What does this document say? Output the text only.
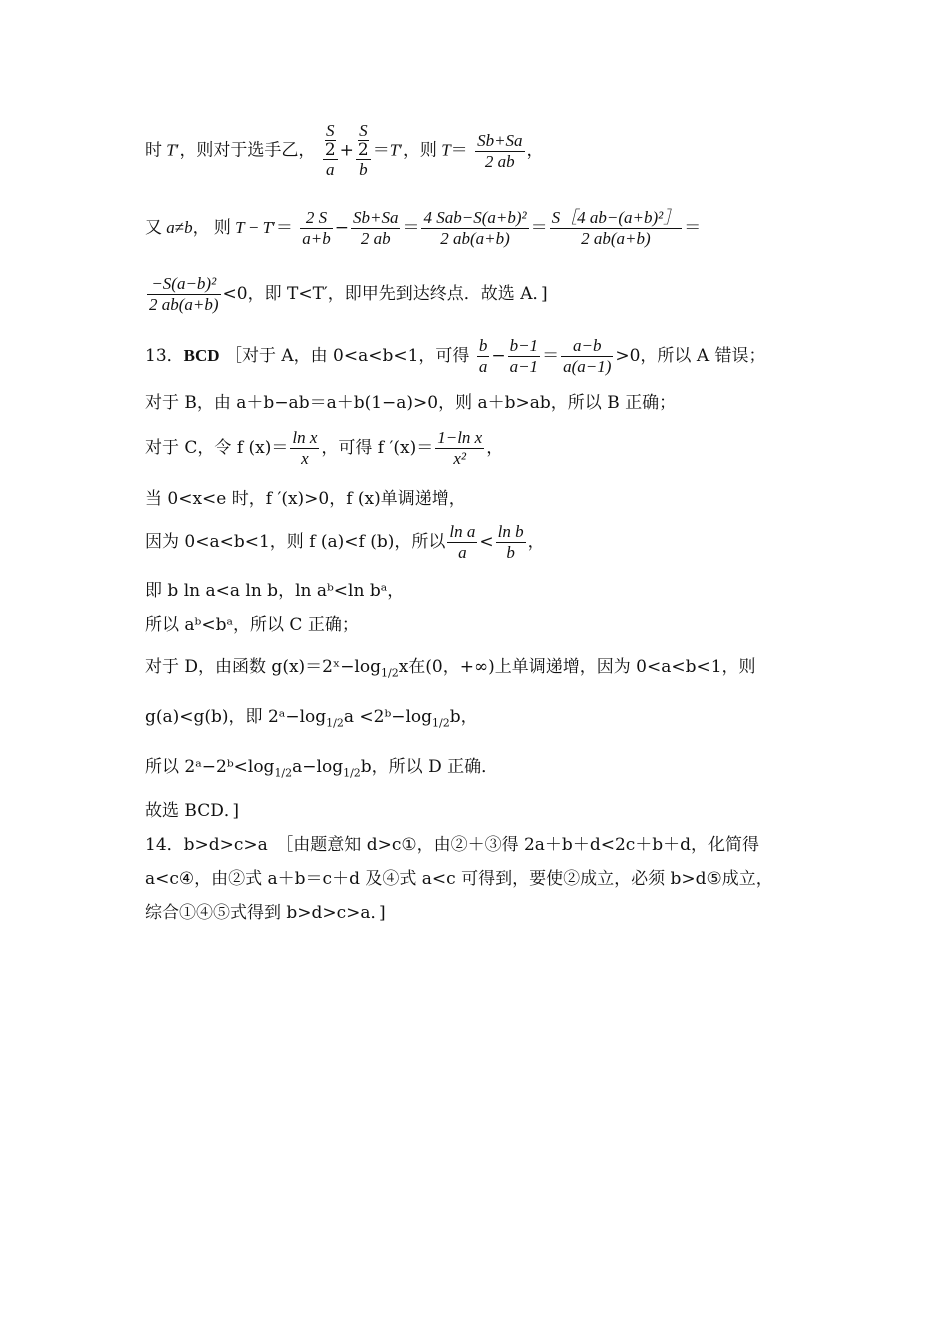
时 T′，则对于选手乙， $\frac{\frac{S}{2}}{a} + \frac{\frac{S}{2}}{b} =T'$，则 $T= \frac{Sb+Sa}{2 ab}$ ，
又 a≠b， 则 $T - T'= \frac{2 S}{a+b} - \frac{Sb+Sa}{2 ab} = \frac{\text{4 Sab−S(a+b)²}}{2 ab(a+b)} = \frac{\text{S［4 ab−(a+b)²］}}{2 ab(a+b)}$ ＝
$\frac{\text{−S(a−b)²}}{2 ab(a+b)} <0$，即 T<T′，即甲先到达终点．故选 A．]
13．BCD ［对于 A，由 0<a<b<1，可得 $\frac{b}{a} - \frac{b-1}{a-1} = \frac{a-b}{a(a-1)} >0$，所以 A 错误；
对于 B，由 a＋b−ab＝a＋b(1−a)>0，则 a＋b>ab，所以 B 正确；
对于 C，令 f $(x)= \frac{\text{ln x}}{x}$ ，可得 f $'(x)= \frac{\text{1−ln x}}{\text{x²}}$ ，
当 0<x<e 时，f ′(x)>0，f (x)单调递增，
因为 0<a<b<1，则 f (a)<f (b)，所以 $\frac{\text{ln a}}{a} < \frac{\text{ln b}}{b}$ ，
即 b ln a<a ln b，ln aᵇ<ln bᵃ，
所以 aᵇ<bᵃ，所以 C 正确；
对于 D，由函数 $g(x)=2ˣ-\log_{1/2}x$在(0，+∞)上单调递增，因为 0<a<b<1，则
g(a)<g(b)，即 $2ᵃ-\log_{1/2}a$ $<2ᵇ-\log_{1/2}b$，
所以 $2ᵃ-2ᵇ<\log_{1/2}a-\log_{1/2}b$，所以 D 正确．
故选 BCD．]
14．b>d>c>a　［由题意知 d>c①，由②＋③得 2a＋b＋d<2c＋b＋d，化简得
a<c④，由②式 a＋b＝c＋d 及④式 a<c 可得到，要使②成立，必须 b>d⑤成立，
综合①④⑤式得到 b>d>c>a．]
